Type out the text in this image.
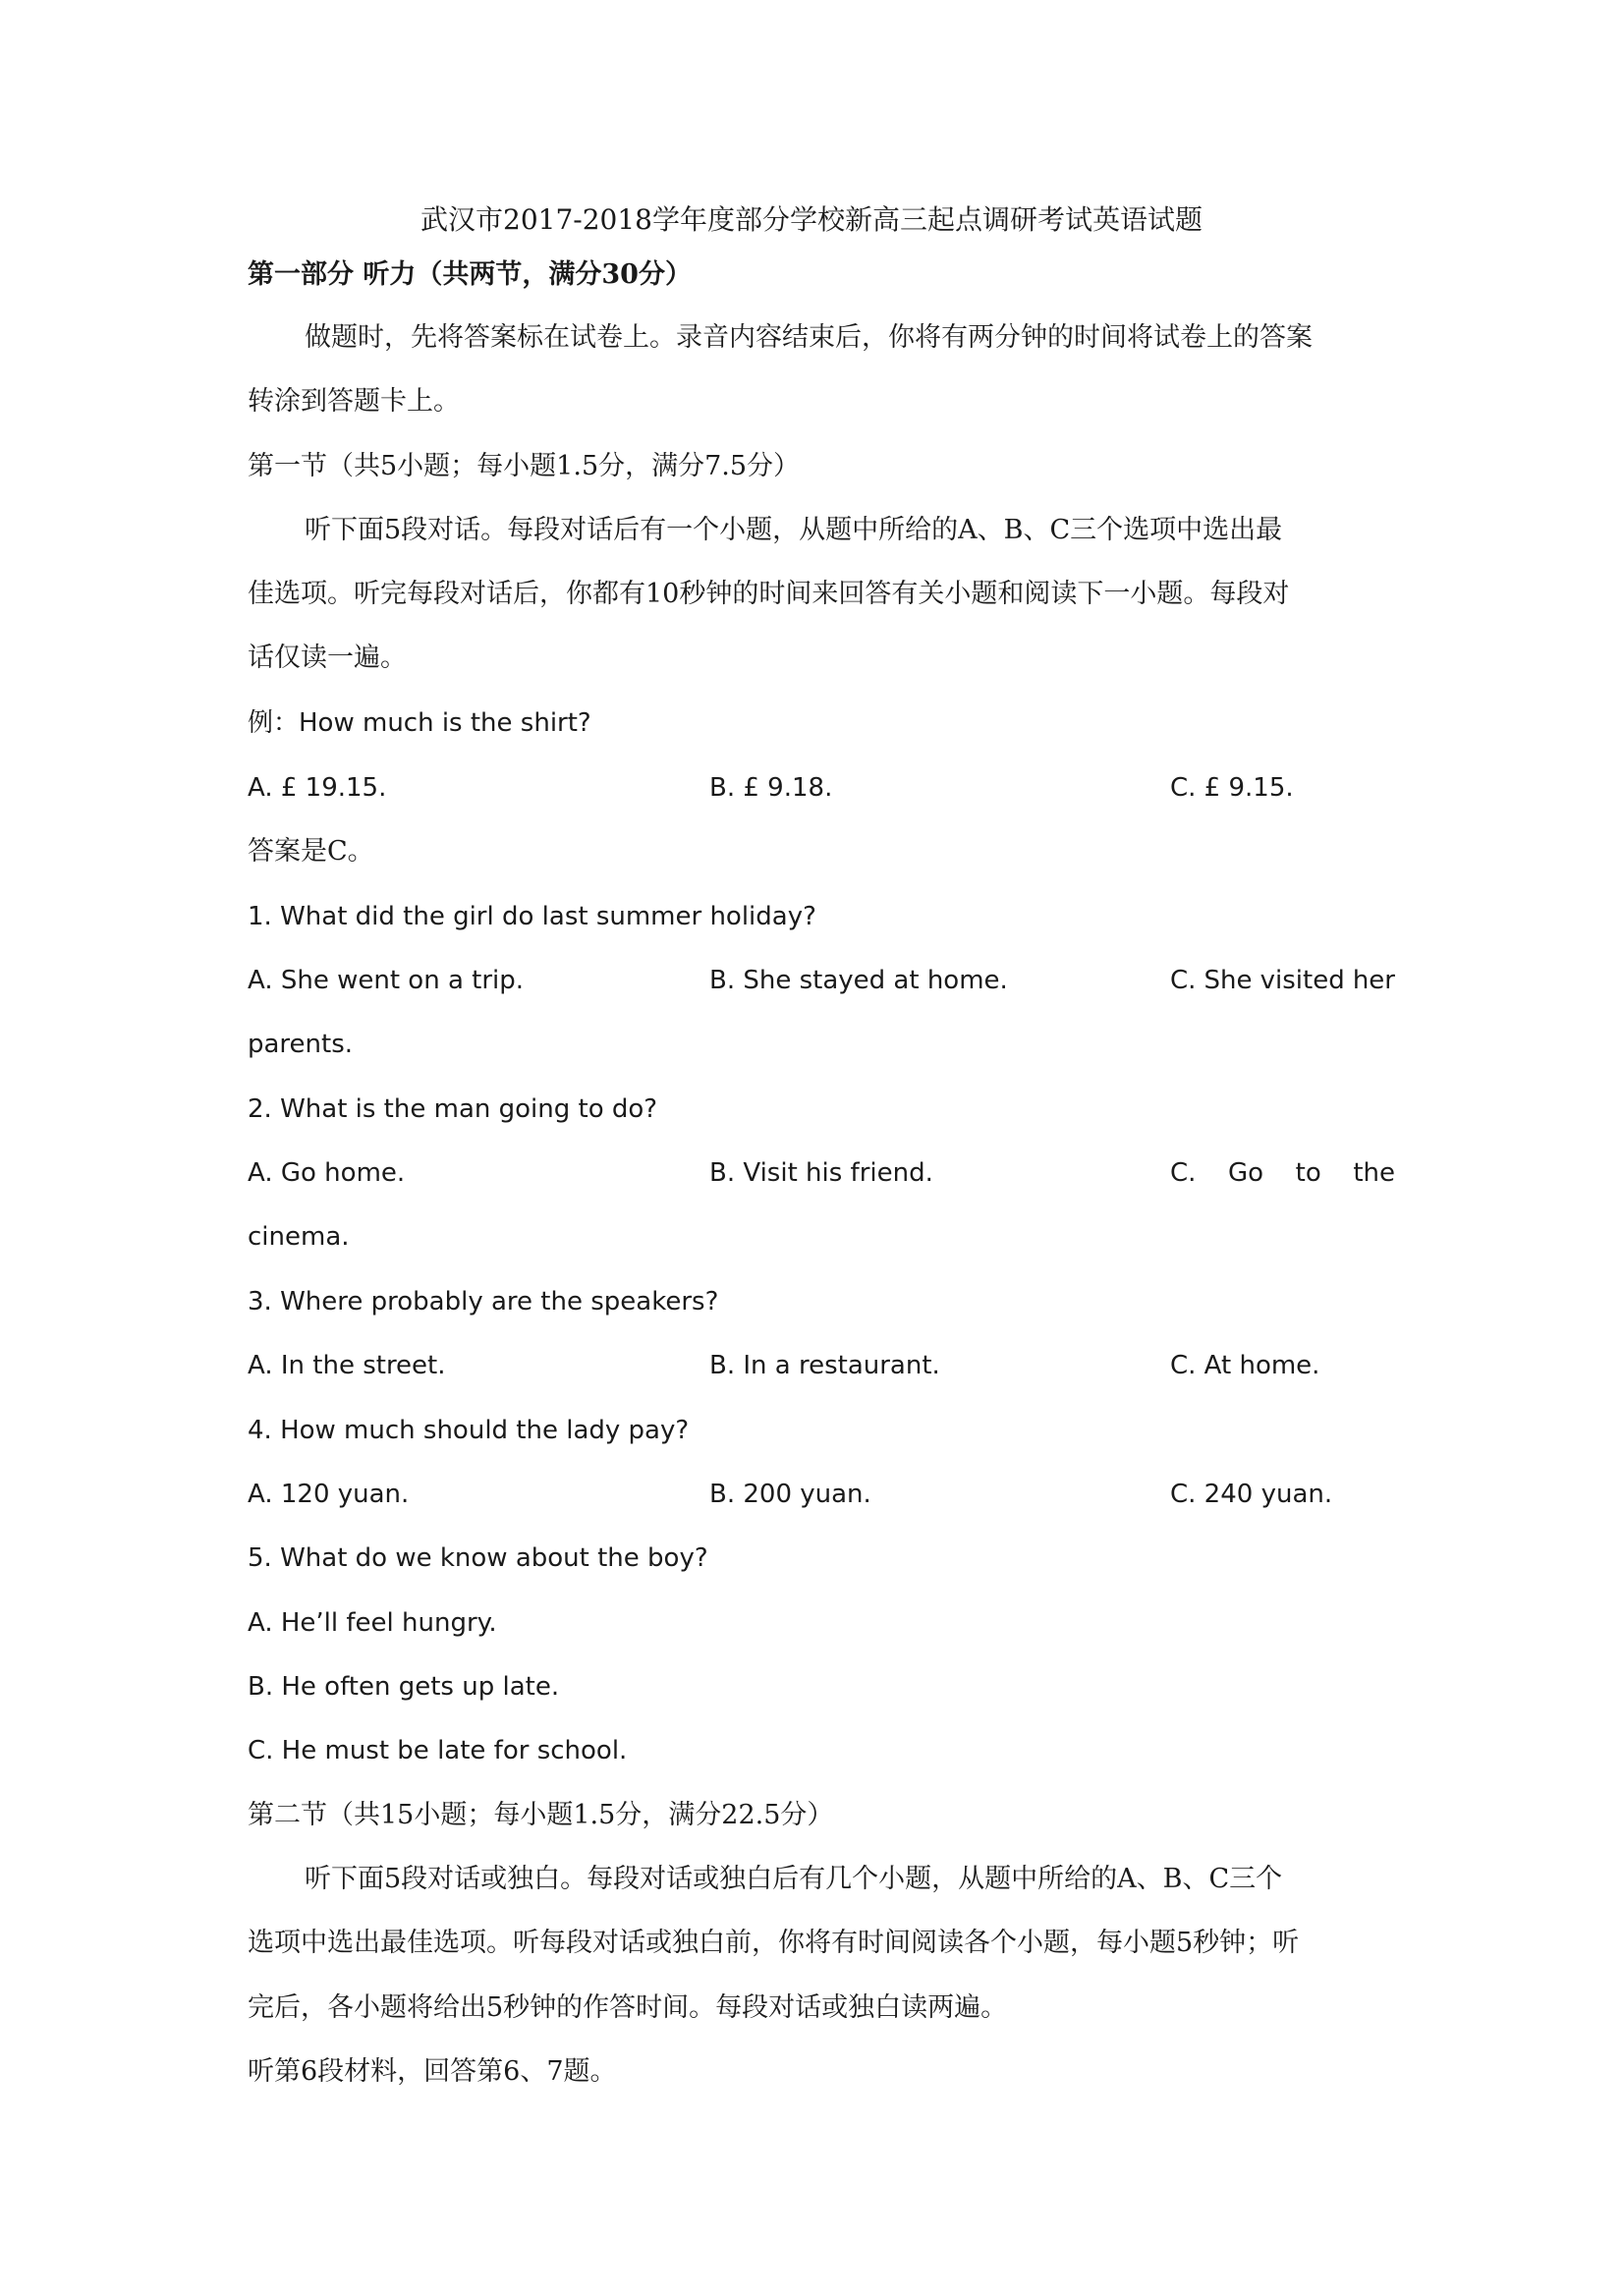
武汉市2017-2018学年度部分学校新高三起点调研考试英语试题
第一部分 听力（共两节，满分30分）
做题时，先将答案标在试卷上。录音内容结束后，你将有两分钟的时间将试卷上的答案
转涂到答题卡上。
第一节（共5小题；每小题1.5分，满分7.5分）
听下面5段对话。每段对话后有一个小题，从题中所给的A、B、C三个选项中选出最
佳选项。听完每段对话后，你都有10秒钟的时间来回答有关小题和阅读下一小题。每段对
话仅读一遍。
例：How much is the shirt?
A. £ 19.15.	B. £ 9.18.	C. £ 9.15.
答案是C。
1. What did the girl do last summer holiday?
A. She went on a trip.	B. She stayed at home.	C. She visited her
parents.
2. What is the man going to do?
A. Go home.	B. Visit his friend.	C. Go to the
cinema.
3. Where probably are the speakers?
A. In the street.	B. In a restaurant.	C. At home.
4. How much should the lady pay?
A. 120 yuan.	B. 200 yuan.	C. 240 yuan.
5. What do we know about the boy?
A. He’ll feel hungry.
B. He often gets up late.
C. He must be late for school.
第二节（共15小题；每小题1.5分，满分22.5分）
听下面5段对话或独白。每段对话或独白后有几个小题，从题中所给的A、B、C三个
选项中选出最佳选项。听每段对话或独白前，你将有时间阅读各个小题，每小题5秒钟；听
完后，各小题将给出5秒钟的作答时间。每段对话或独白读两遍。
听第6段材料，回答第6、7题。
